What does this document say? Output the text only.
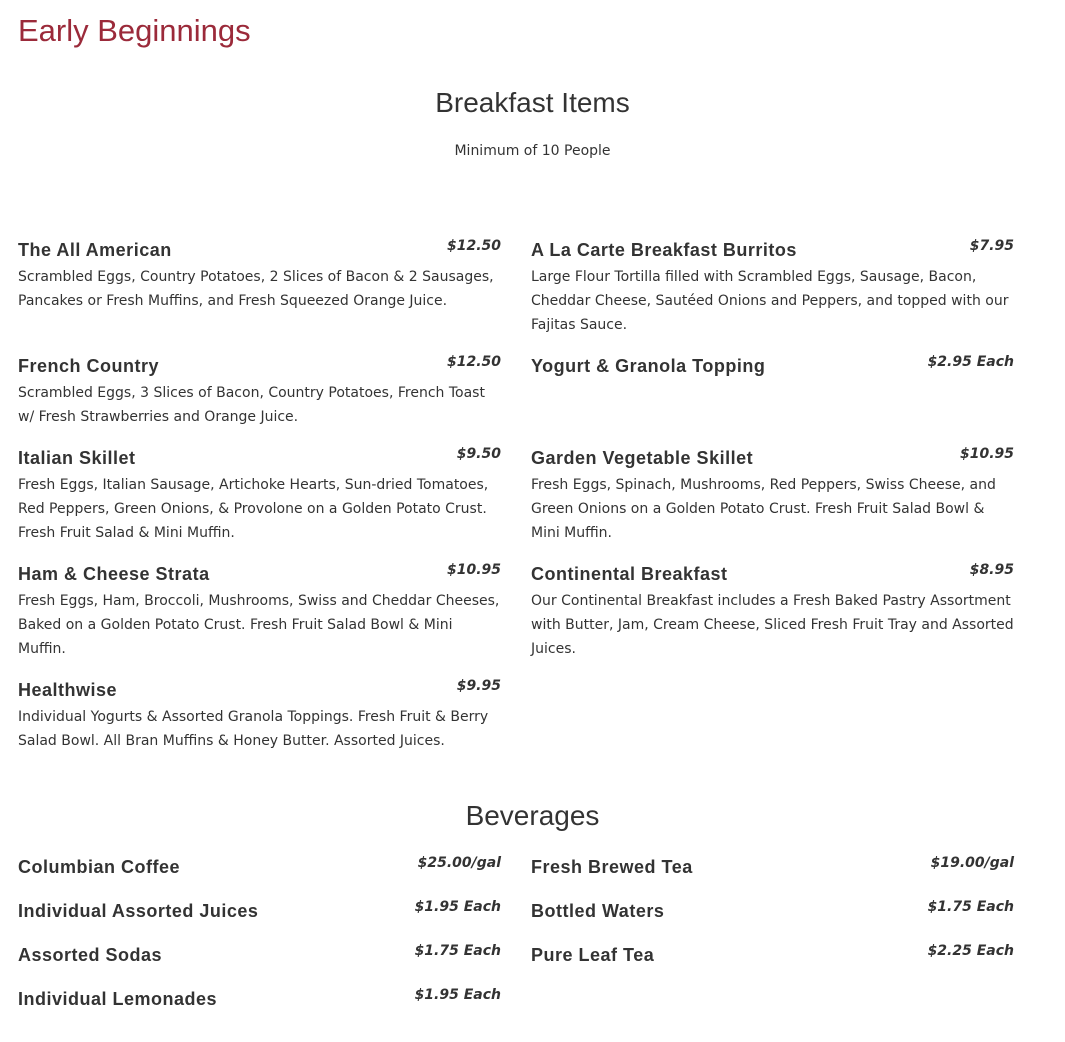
Early Beginnings
Breakfast Items
Minimum of 10 People
The All American	$12.50
Scrambled Eggs, Country Potatoes, 2 Slices of Bacon & 2 Sausages, Pancakes or Fresh Muffins, and Fresh Squeezed Orange Juice.
A La Carte Breakfast Burritos	$7.95
Large Flour Tortilla filled with Scrambled Eggs, Sausage, Bacon, Cheddar Cheese, Sautéed Onions and Peppers, and topped with our Fajitas Sauce.
French Country	$12.50
Scrambled Eggs, 3 Slices of Bacon, Country Potatoes, French Toast w/ Fresh Strawberries and Orange Juice.
Yogurt & Granola Topping	$2.95 Each
Italian Skillet	$9.50
Fresh Eggs, Italian Sausage, Artichoke Hearts, Sun-dried Tomatoes, Red Peppers, Green Onions, & Provolone on a Golden Potato Crust. Fresh Fruit Salad & Mini Muffin.
Garden Vegetable Skillet	$10.95
Fresh Eggs, Spinach, Mushrooms, Red Peppers, Swiss Cheese, and Green Onions on a Golden Potato Crust. Fresh Fruit Salad Bowl & Mini Muffin.
Ham & Cheese Strata	$10.95
Fresh Eggs, Ham, Broccoli, Mushrooms, Swiss and Cheddar Cheeses, Baked on a Golden Potato Crust. Fresh Fruit Salad Bowl & Mini Muffin.
Continental Breakfast	$8.95
Our Continental Breakfast includes a Fresh Baked Pastry Assortment with Butter, Jam, Cream Cheese, Sliced Fresh Fruit Tray and Assorted Juices.
Healthwise	$9.95
Individual Yogurts & Assorted Granola Toppings. Fresh Fruit & Berry Salad Bowl. All Bran Muffins & Honey Butter. Assorted Juices.
Beverages
Columbian Coffee	$25.00/gal Fresh Brewed Tea	$19.00/gal
Individual Assorted Juices	$1.95 Each Bottled Waters	$1.75 Each
Assorted Sodas	$1.75 Each Pure Leaf Tea	$2.25 Each
Individual Lemonades	$1.95 Each
